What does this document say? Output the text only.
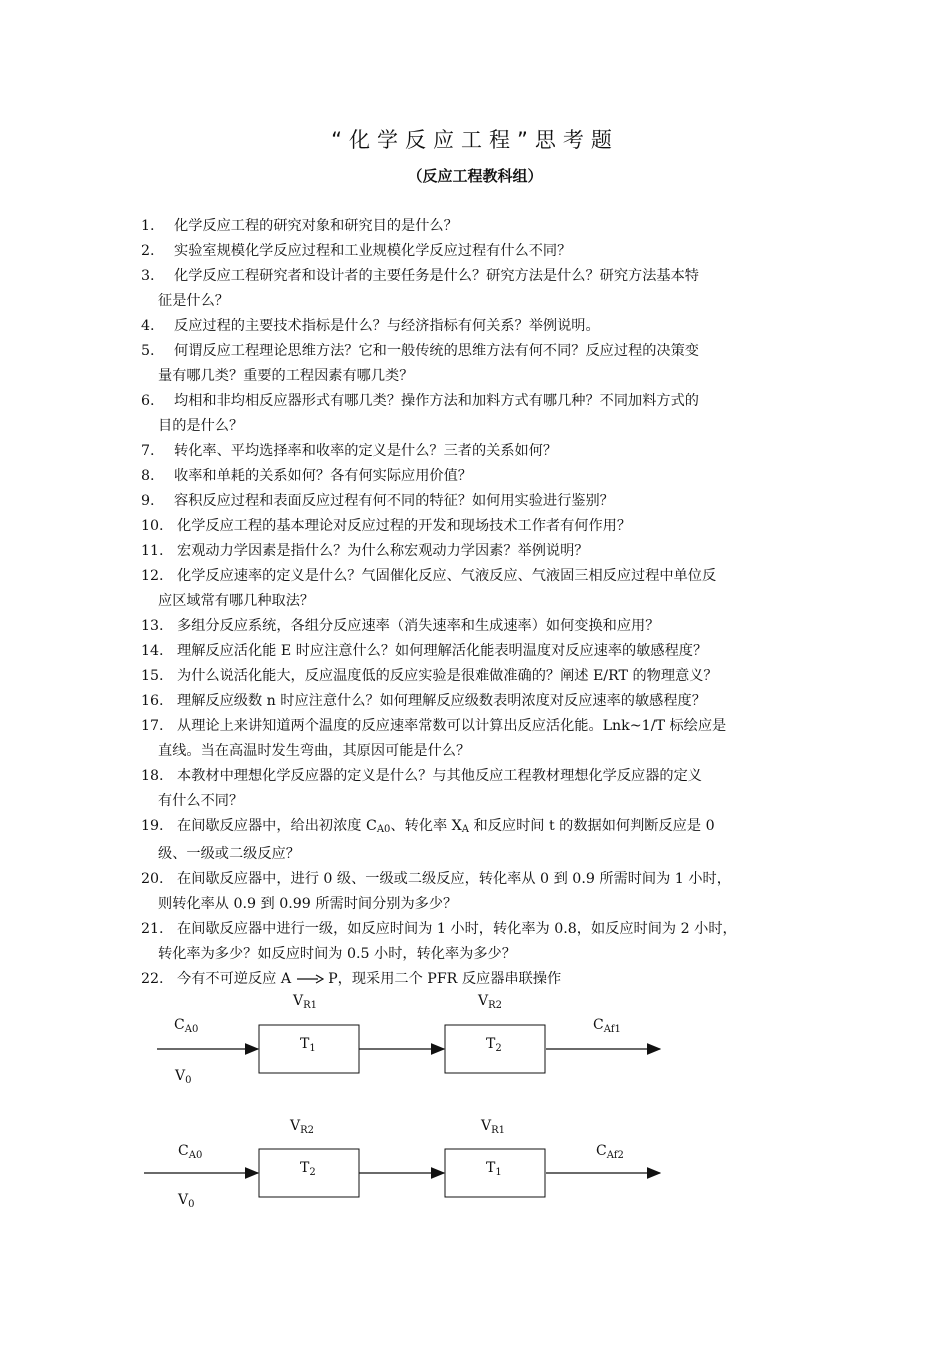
“化学反应工程”思考题
（反应工程教科组）
1. 化学反应工程的研究对象和研究目的是什么？
2. 实验室规模化学反应过程和工业规模化学反应过程有什么不同？
3. 化学反应工程研究者和设计者的主要任务是什么？研究方法是什么？研究方法基本特
征是什么？
4. 反应过程的主要技术指标是什么？与经济指标有何关系？举例说明。
5. 何谓反应工程理论思维方法？它和一般传统的思维方法有何不同？反应过程的决策变
量有哪几类？重要的工程因素有哪几类？
6. 均相和非均相反应器形式有哪几类？操作方法和加料方式有哪几种？不同加料方式的
目的是什么？
7. 转化率、平均选择率和收率的定义是什么？三者的关系如何？
8. 收率和单耗的关系如何？各有何实际应用价值？
9. 容积反应过程和表面反应过程有何不同的特征？如何用实验进行鉴别？
10. 化学反应工程的基本理论对反应过程的开发和现场技术工作者有何作用？
11. 宏观动力学因素是指什么？为什么称宏观动力学因素？举例说明？
12. 化学反应速率的定义是什么？气固催化反应、气液反应、气液固三相反应过程中单位反
应区域常有哪几种取法？
13. 多组分反应系统，各组分反应速率（消失速率和生成速率）如何变换和应用？
14. 理解反应活化能 E 时应注意什么？如何理解活化能表明温度对反应速率的敏感程度？
15. 为什么说活化能大，反应温度低的反应实验是很难做准确的？阐述 E/RT 的物理意义？
16. 理解反应级数 n 时应注意什么？如何理解反应级数表明浓度对反应速率的敏感程度？
17. 从理论上来讲知道两个温度的反应速率常数可以计算出反应活化能。Lnk~1/T 标绘应是
直线。当在高温时发生弯曲，其原因可能是什么？
18. 本教材中理想化学反应器的定义是什么？与其他反应工程教材理想化学反应器的定义
有什么不同？
19. 在间歇反应器中，给出初浓度 $C_{A0}$、转化率 $X_A$ 和反应时间 t 的数据如何判断反应是 0
级、一级或二级反应？
20. 在间歇反应器中，进行 0 级、一级或二级反应，转化率从 0 到 0.9 所需时间为 1 小时，
则转化率从 0.9 到 0.99 所需时间分别为多少？
21. 在间歇反应器中进行一级，如反应时间为 1 小时，转化率为 0.8，如反应时间为 2 小时，
转化率为多少？如反应时间为 0.5 小时，转化率为多少？
22. 今有不可逆反应 A → P，现采用二个 PFR 反应器串联操作
$V_{R1}$	$V_{R2}$
$C_{A0}$	$C_{Af1}$
$V_0$
$T_1$	$T_2$
$V_{R2}$	$V_{R1}$
$C_{A0}$	$C_{Af2}$
$V_0$
$T_2$	$T_1$
